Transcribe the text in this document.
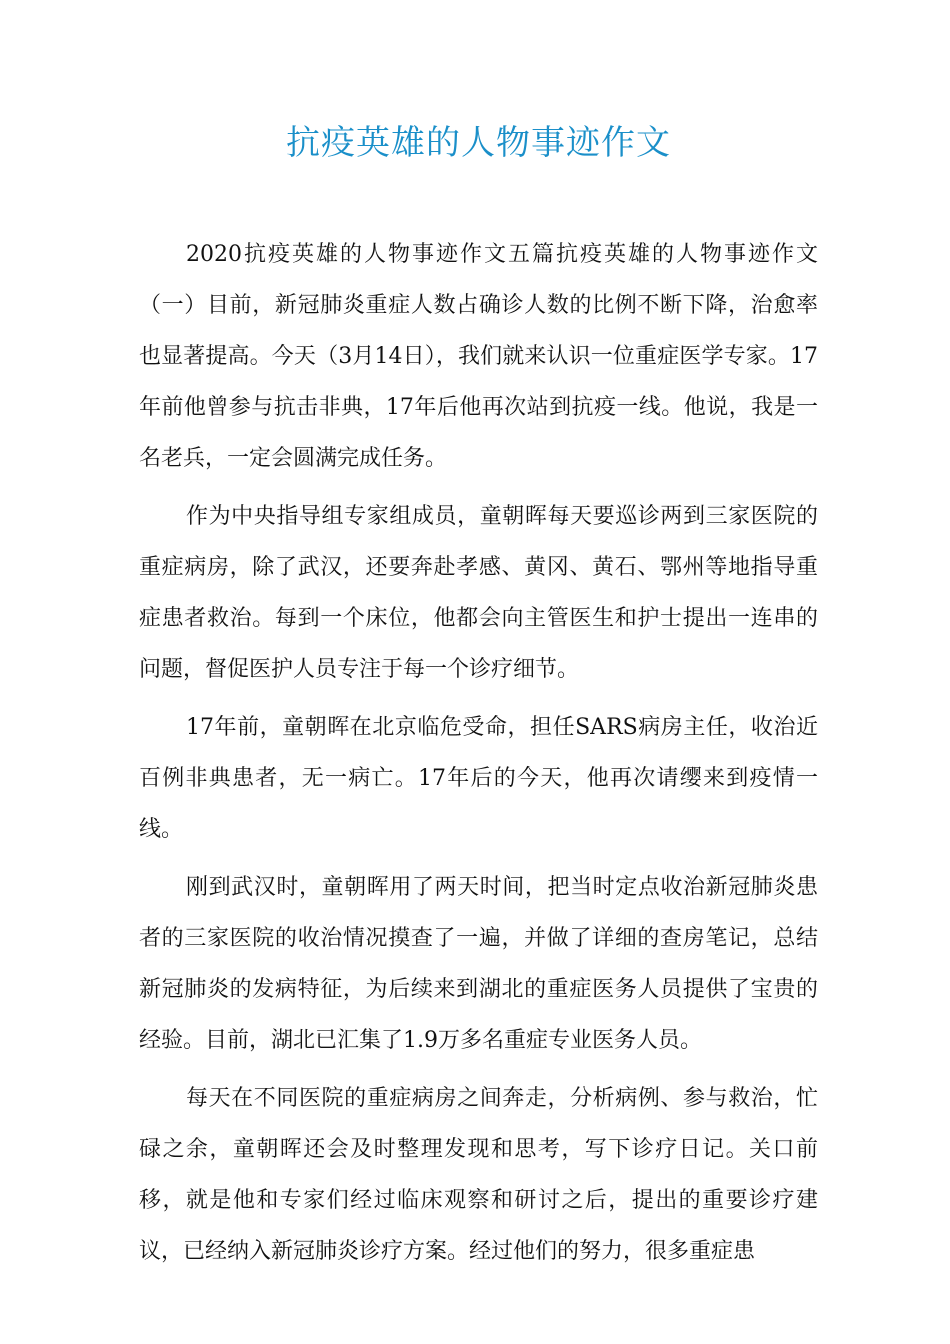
抗疫英雄的人物事迹作文

2020抗疫英雄的人物事迹作文五篇抗疫英雄的人物事迹作文（一）目前，新冠肺炎重症人数占确诊人数的比例不断下降，治愈率也显著提高。今天（3月14日），我们就来认识一位重症医学专家。17年前他曾参与抗击非典，17年后他再次站到抗疫一线。他说，我是一名老兵，一定会圆满完成任务。

作为中央指导组专家组成员，童朝晖每天要巡诊两到三家医院的重症病房，除了武汉，还要奔赴孝感、黄冈、黄石、鄂州等地指导重症患者救治。每到一个床位，他都会向主管医生和护士提出一连串的问题，督促医护人员专注于每一个诊疗细节。

17年前，童朝晖在北京临危受命，担任SARS病房主任，收治近百例非典患者，无一病亡。17年后的今天，他再次请缨来到疫情一线。

刚到武汉时，童朝晖用了两天时间，把当时定点收治新冠肺炎患者的三家医院的收治情况摸查了一遍，并做了详细的查房笔记，总结新冠肺炎的发病特征，为后续来到湖北的重症医务人员提供了宝贵的经验。目前，湖北已汇集了1.9万多名重症专业医务人员。

每天在不同医院的重症病房之间奔走，分析病例、参与救治，忙碌之余，童朝晖还会及时整理发现和思考，写下诊疗日记。关口前移，就是他和专家们经过临床观察和研讨之后，提出的重要诊疗建议，已经纳入新冠肺炎诊疗方案。经过他们的努力，很多重症患
